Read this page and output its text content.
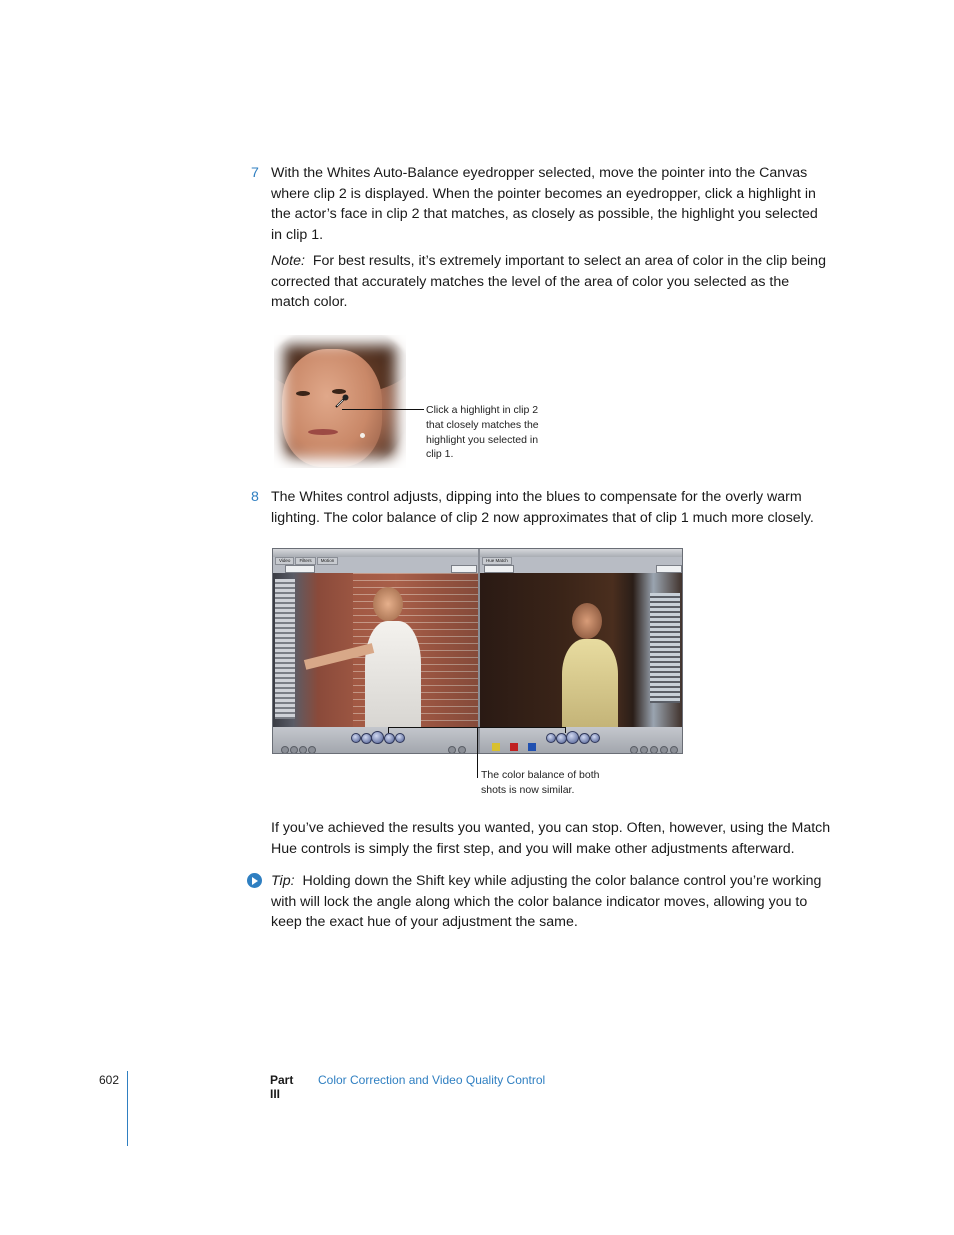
7 With the Whites Auto-Balance eyedropper selected, move the pointer into the Canvas where clip 2 is displayed. When the pointer becomes an eyedropper, click a highlight in the actor’s face in clip 2 that matches, as closely as possible, the highlight you selected in clip 1.
Note: For best results, it’s extremely important to select an area of color in the clip being corrected that accurately matches the level of the area of color you selected as the match color.
Click a highlight in clip 2 that closely matches the highlight you selected in clip 1.
8 The Whites control adjusts, dipping into the blues to compensate for the overly warm lighting. The color balance of clip 2 now approximates that of clip 1 much more closely.
Video	Filters	Motion	Hue Match
The color balance of both shots is now similar.
If you’ve achieved the results you wanted, you can stop. Often, however, using the Match Hue controls is simply the first step, and you will make other adjustments afterward.
Tip: Holding down the Shift key while adjusting the color balance control you’re working with will lock the angle along which the color balance indicator moves, allowing you to keep the exact hue of your adjustment the same.
602	Part III
Color Correction and Video Quality Control
